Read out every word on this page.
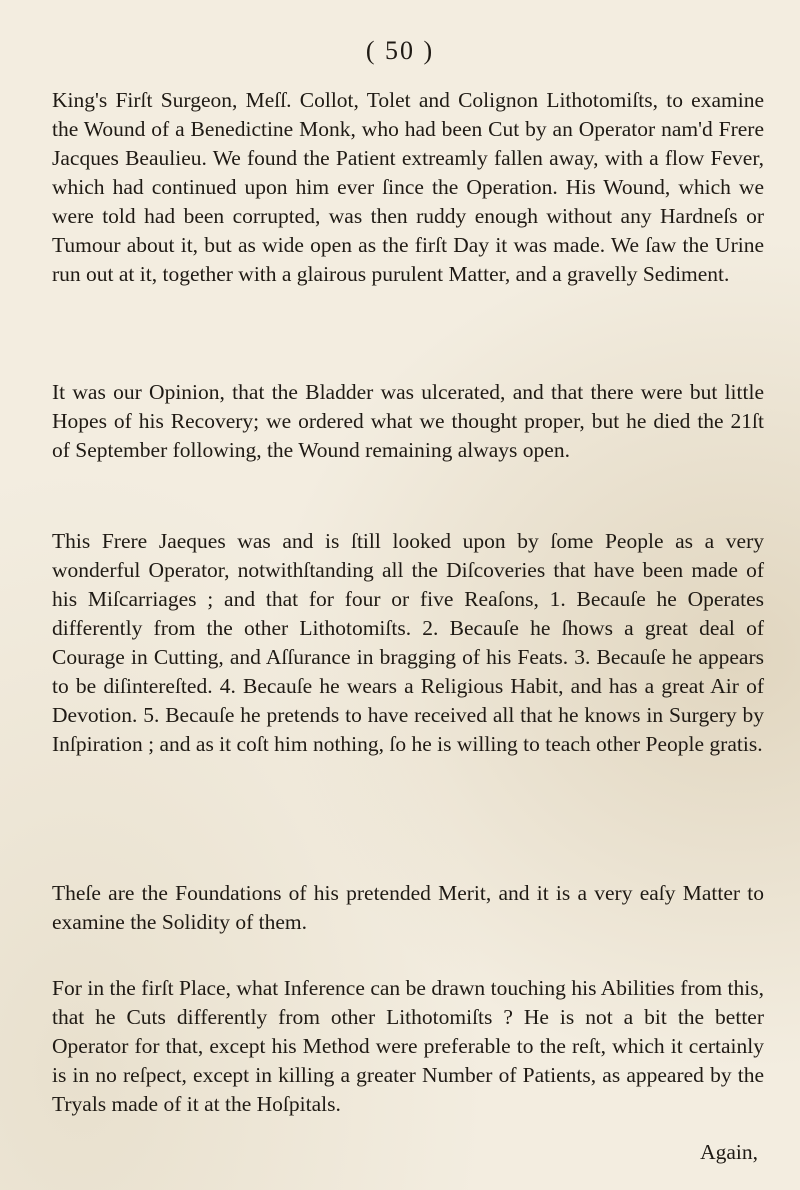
( 50 )
King's Firſt Surgeon, Meſſ. Collot, Tolet and Colignon Lithotomiſts, to examine the Wound of a Benedictine Monk, who had been Cut by an Operator nam'd Frere Jacques Beaulieu. We found the Patient extreamly fallen away, with a flow Fever, which had continued upon him ever ſince the Operation. His Wound, which we were told had been corrupted, was then ruddy enough without any Hardneſs or Tumour about it, but as wide open as the firſt Day it was made. We ſaw the Urine run out at it, together with a glairous purulent Matter, and a gravelly Sediment.
It was our Opinion, that the Bladder was ulcerated, and that there were but little Hopes of his Recovery; we ordered what we thought proper, but he died the 21ſt of September following, the Wound remaining always open.
This Frere Jaeques was and is ſtill looked upon by ſome People as a very wonderful Operator, notwithſtanding all the Diſcoveries that have been made of his Miſcarriages ; and that for four or five Reaſons, 1. Becauſe he Operates differently from the other Lithotomiſts. 2. Becauſe he ſhows a great deal of Courage in Cutting, and Aſſurance in bragging of his Feats. 3. Becauſe he appears to be diſintereſted. 4. Becauſe he wears a Religious Habit, and has a great Air of Devotion. 5. Becauſe he pretends to have received all that he knows in Surgery by Inſpiration ; and as it coſt him nothing, ſo he is willing to teach other People gratis.
Theſe are the Foundations of his pretended Merit, and it is a very eaſy Matter to examine the Solidity of them.
For in the firſt Place, what Inference can be drawn touching his Abilities from this, that he Cuts differently from other Lithotomiſts ? He is not a bit the better Operator for that, except his Method were preferable to the reſt, which it certainly is in no reſpect, except in killing a greater Number of Patients, as appeared by the Tryals made of it at the Hoſpitals.
Again,
